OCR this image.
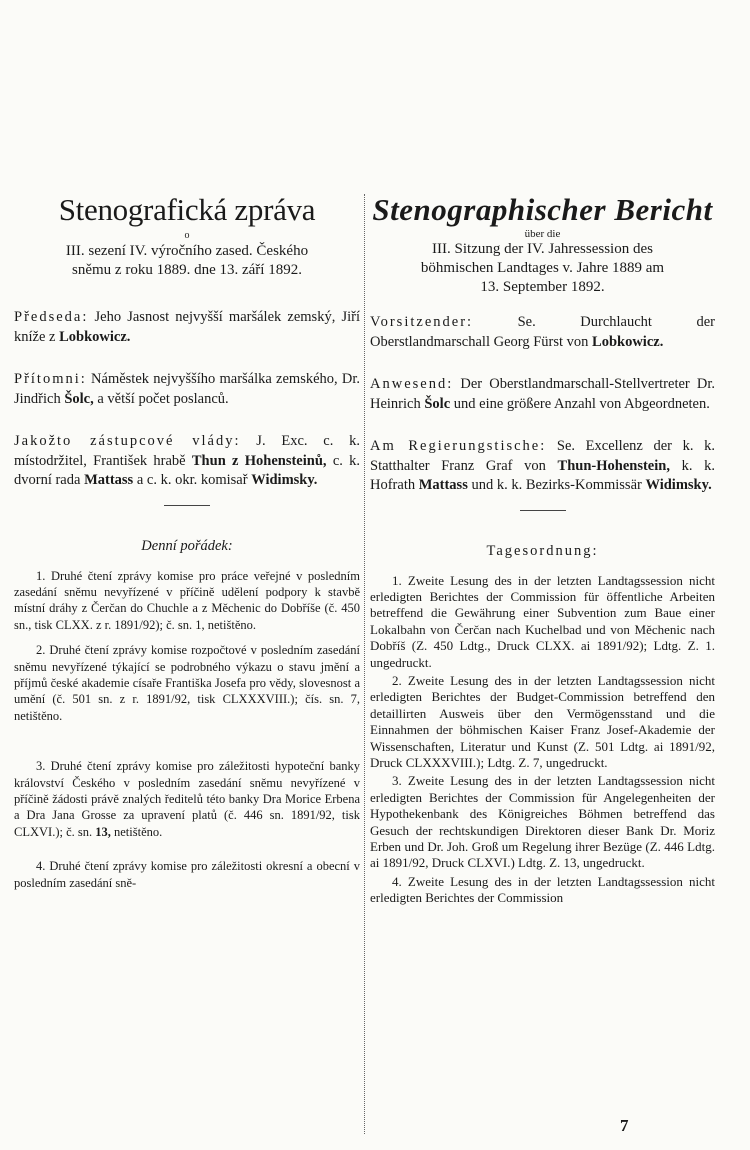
Stenografická zpráva
o

III. sezení IV. výročního zased. Českého

sněmu z roku 1889. dne 13. září 1892.

Předseda: Jeho Jasnost nejvyšší maršálek zemský, Jiří kníže z Lobkowicz.

Přítomni: Náměstek nejvyššího maršálka zemského, Dr. Jindřich Šolc, a větší počet poslanců.

Jakožto zástupcové vlády: J. Exc. c. k. místodržitel, František hrabě Thun z Hohensteinů, c. k. dvorní rada Mattass a c. k. okr. komisař Widimsky.

Denní pořádek:

1. Druhé čtení zprávy komise pro práce veřejné v posledním zasedání sněmu nevyřízené v příčině udělení podpory k stavbě místní dráhy z Čerčan do Chuchle a z Měchenic do Dobříše (č. 450 sn., tisk CLXX. z r. 1891/92); č. sn. 1, netištěno.

2. Druhé čtení zprávy komise rozpočtové v posledním zasedání sněmu nevyřízené týkající se podrobného výkazu o stavu jmění a příjmů české akademie císaře Františka Josefa pro vědy, slovesnost a umění (č. 501 sn. z r. 1891/92, tisk CLXXXVIII.); čís. sn. 7, netištěno.

3. Druhé čtení zprávy komise pro záležitosti hypoteční banky království Českého v posledním zasedání sněmu nevyřízené v příčině žádosti právě znalých ředitelů této banky Dra Morice Erbena a Dra Jana Grosse za upravení platů (č. 446 sn. 1891/92, tisk CLXVI.); č. sn. 13, netištěno.

4. Druhé čtení zprávy komise pro záležitosti okresní a obecní v posledním zasedání sně-

Stenographischer Bericht
über die

III. Sitzung der IV. Jahressession des

böhmischen Landtages v. Jahre 1889 am

13. September 1892.

Vorsitzender:	Se. Durchlaucht der Oberstlandmarschall Georg Fürst von Lobkowicz.

Anwesend: Der Oberstlandmarschall-Stellvertreter Dr. Heinrich Šolc und eine größere Anzahl von Abgeordneten.

Am Regierungstische: Se. Excellenz der k. k. Statthalter Franz Graf von Thun-Hohenstein, k. k. Hofrath Mattass und k. k. Bezirks-Kommissär Widimsky.

Tagesordnung:

1. Zweite Lesung des in der letzten Landtagssession nicht erledigten Berichtes der Commission für öffentliche Arbeiten betreffend die Gewährung einer Subvention zum Baue einer Lokalbahn von Čerčan nach Kuchelbad und von Měchenic nach Dobříš (Z. 450 Ldtg., Druck CLXX. ai 1891/92); Ldtg. Z. 1. ungedruckt.

2. Zweite Lesung des in der letzten Landtagssession nicht erledigten Berichtes der Budget-Commission betreffend den detaillirten Ausweis über den Vermögensstand und die Einnahmen der böhmischen Kaiser Franz Josef-Akademie der Wissenschaften, Literatur und Kunst (Z. 501 Ldtg. ai 1891/92, Druck CLXXXVIII.); Ldtg. Z. 7, ungedruckt.

3. Zweite Lesung des in der letzten Landtagssession nicht erledigten Berichtes der Commission für Angelegenheiten der Hypothekenbank des Königreiches Böhmen betreffend das Gesuch der rechtskundigen Direktoren dieser Bank Dr. Moriz Erben und Dr. Joh. Groß um Regelung ihrer Bezüge (Z. 446 Ldtg. ai 1891/92, Druck CLXVI.) Ldtg. Z. 13, ungedruckt.

4. Zweite Lesung des in der letzten Landtagssession nicht erledigten Berichtes der Commission

7
